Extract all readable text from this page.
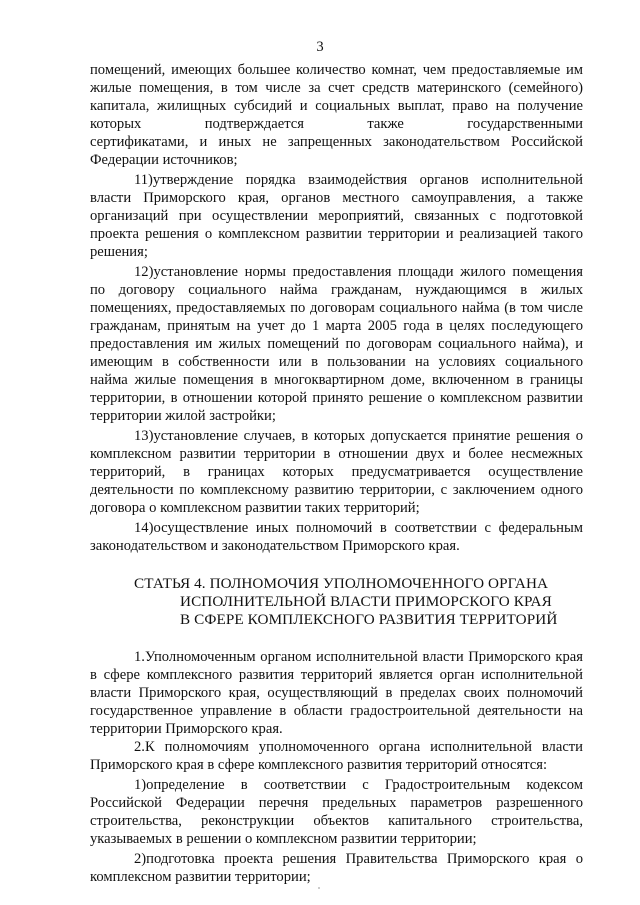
3
помещений, имеющих большее количество комнат, чем предоставляемые им
жилые помещения, в том числе за счет средств материнского (семейного)
капитала, жилищных субсидий и социальных выплат, право на получение
которых подтверждается также государственными
сертификатами, и иных не запрещенных законодательством Российской
Федерации источников;
11)утверждение порядка взаимодействия органов исполнительной
власти Приморского края, органов местного самоуправления, а также
организаций при осуществлении мероприятий, связанных с подготовкой
проекта решения о комплексном развитии территории и реализацией такого
решения;
12)установление нормы предоставления площади жилого помещения
по договору социального найма гражданам, нуждающимся в жилых
помещениях, предоставляемых по договорам социального найма (в том числе
гражданам, принятым на учет до 1 марта 2005 года в целях последующего
предоставления им жилых помещений по договорам социального найма), и
имеющим в собственности или в пользовании на условиях социального
найма жилые помещения в многоквартирном доме, включенном в границы
территории, в отношении которой принято решение о комплексном развитии
территории жилой застройки;
13)установление случаев, в которых допускается принятие решения о
комплексном развитии территории в отношении двух и более несмежных
территорий, в границах которых предусматривается осуществление
деятельности по комплексному развитию территории, с заключением одного
договора о комплексном развитии таких территорий;
14)осуществление иных полномочий в соответствии с федеральным
законодательством и законодательством Приморского края.
СТАТЬЯ 4. ПОЛНОМОЧИЯ УПОЛНОМОЧЕННОГО ОРГАНА
ИСПОЛНИТЕЛЬНОЙ ВЛАСТИ ПРИМОРСКОГО КРАЯ
В СФЕРЕ КОМПЛЕКСНОГО РАЗВИТИЯ ТЕРРИТОРИЙ
1.Уполномоченным органом исполнительной власти Приморского края
в сфере комплексного развития территорий является орган исполнительной
власти Приморского края, осуществляющий в пределах своих полномочий
государственное управление в области градостроительной деятельности на
территории Приморского края.
2.К полномочиям уполномоченного органа исполнительной власти
Приморского края в сфере комплексного развития территорий относятся:
1)определение в соответствии с Градостроительным кодексом
Российской Федерации перечня предельных параметров разрешенного
строительства, реконструкции объектов капитального строительства,
указываемых в решении о комплексном развитии территории;
2)подготовка проекта решения Правительства Приморского края о
комплексном развитии территории;
